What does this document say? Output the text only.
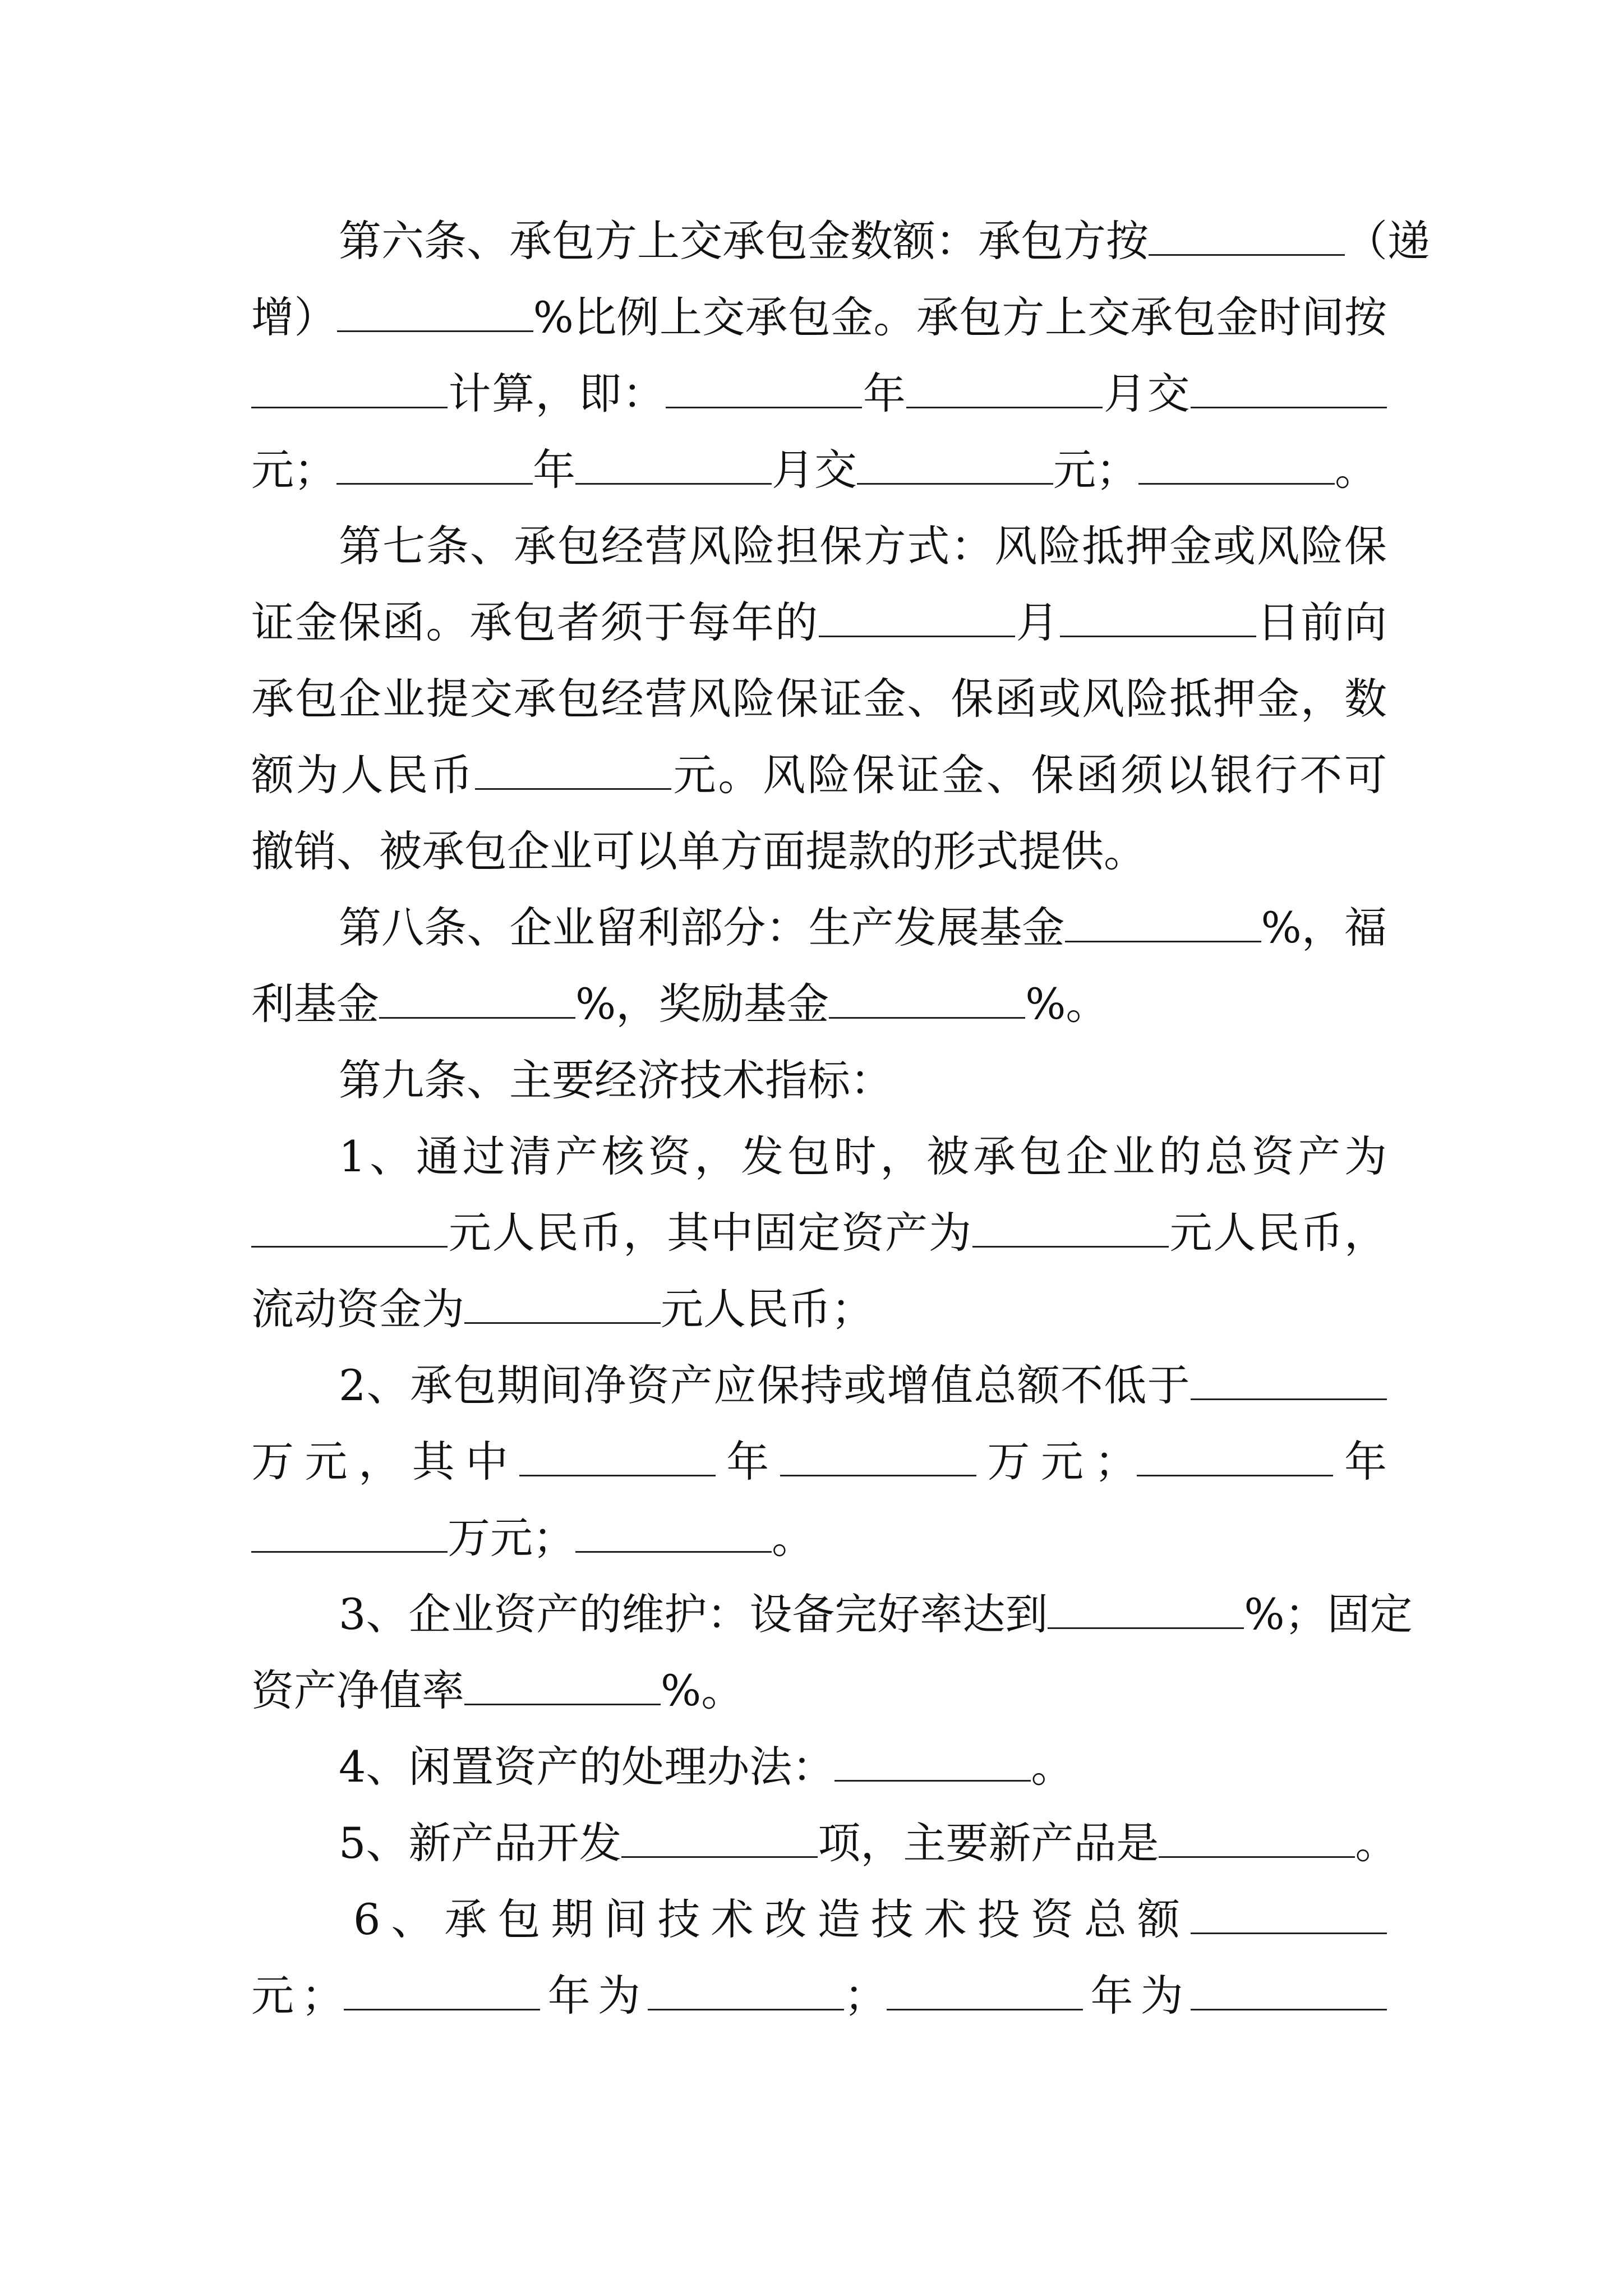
第六条、承包方上交承包金数额：承包方按	（递
增）	%比例上交承包金。承包方上交承包金时间按
计算，即：	年	月交
元；	年	月交	元；	。
第七条、承包经营风险担保方式：风险抵押金或风险保
证金保函。承包者须于每年的	月	日前向
承包企业提交承包经营风险保证金、保函或风险抵押金，数
额为人民币	元。风险保证金、保函须以银行不可
撤销、被承包企业可以单方面提款的形式提供。
第八条、企业留利部分：生产发展基金	%，福
利基金	%，奖励基金	%。
第九条、主要经济技术指标：
1、通过清产核资，发包时，被承包企业的总资产为
元人民币，其中固定资产为	元人民币，
流动资金为	元人民币；
2、承包期间净资产应保持或增值总额不低于
万元，其中	年	万元；	年
万元；	。
3、企业资产的维护：设备完好率达到	%；固定
资产净值率	%。
4、闲置资产的处理办法：	。
5、新产品开发	项，主要新产品是	。
6、承包期间技术改造技术投资总额
元；	年为	；	年为
